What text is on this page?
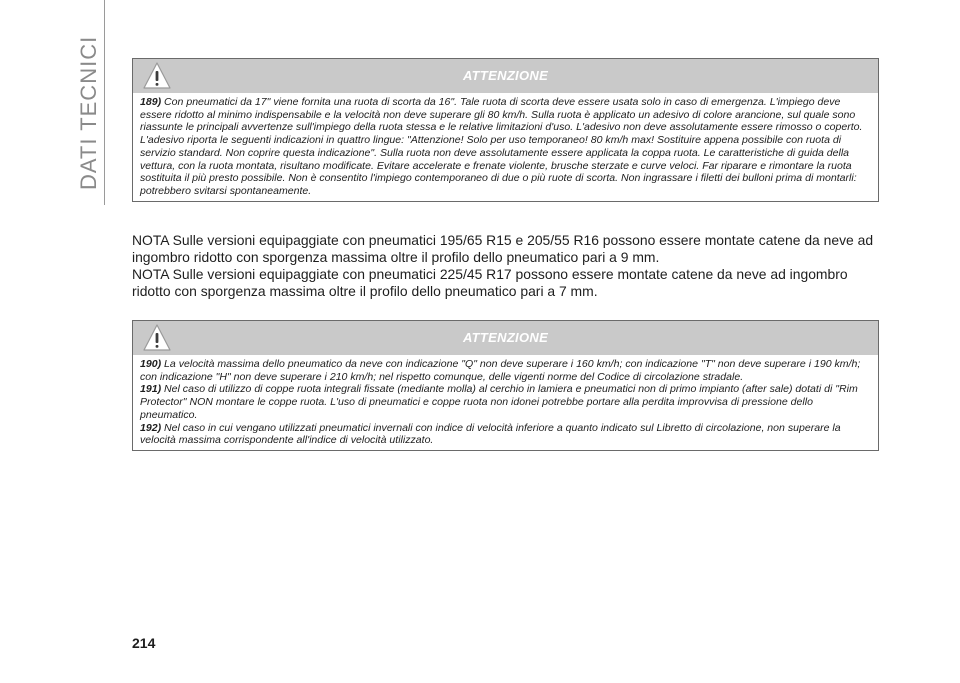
DATI TECNICI	ATTENZIONE

189) Con pneumatici da 17" viene fornita una ruota di scorta da 16". Tale ruota di scorta deve essere usata solo in caso di emergenza. L'impiego deve essere ridotto al minimo indispensabile e la velocità non deve superare gli 80 km/h. Sulla ruota è applicato un adesivo di colore arancione, sul quale sono riassunte le principali avvertenze sull'impiego della ruota stessa e le relative limitazioni d'uso. L'adesivo non deve assolutamente essere rimosso o coperto. L'adesivo riporta le seguenti indicazioni in quattro lingue: "Attenzione! Solo per uso temporaneo! 80 km/h max! Sostituire appena possibile con ruota di servizio standard. Non coprire questa indicazione". Sulla ruota non deve assolutamente essere applicata la coppa ruota. Le caratteristiche di guida della vettura, con la ruota montata, risultano modificate. Evitare accelerate e frenate violente, brusche sterzate e curve veloci. Far riparare e rimontare la ruota sostituita il più presto possibile. Non è consentito l'impiego contemporaneo di due o più ruote di scorta. Non ingrassare i filetti dei bulloni prima di montarli: potrebbero svitarsi spontaneamente.

NOTA Sulle versioni equipaggiate con pneumatici 195/65 R15 e 205/55 R16 possono essere montate catene da neve ad ingombro ridotto con sporgenza massima oltre il profilo dello pneumatico pari a 9 mm.

NOTA Sulle versioni equipaggiate con pneumatici 225/45 R17 possono essere montate catene da neve ad ingombro ridotto con sporgenza massima oltre il profilo dello pneumatico pari a 7 mm.

ATTENZIONE

190) La velocità massima dello pneumatico da neve con indicazione "Q" non deve superare i 160 km/h; con indicazione "T" non deve superare i 190 km/h; con indicazione "H" non deve superare i 210 km/h; nel rispetto comunque, delle vigenti norme del Codice di circolazione stradale.

191) Nel caso di utilizzo di coppe ruota integrali fissate (mediante molla) al cerchio in lamiera e pneumatici non di primo impianto (after sale) dotati di "Rim Protector" NON montare le coppe ruota. L'uso di pneumatici e coppe ruota non idonei potrebbe portare alla perdita improvvisa di pressione dello pneumatico.

192) Nel caso in cui vengano utilizzati pneumatici invernali con indice di velocità inferiore a quanto indicato sul Libretto di circolazione, non superare la velocità massima corrispondente all'indice di velocità utilizzato.

214
